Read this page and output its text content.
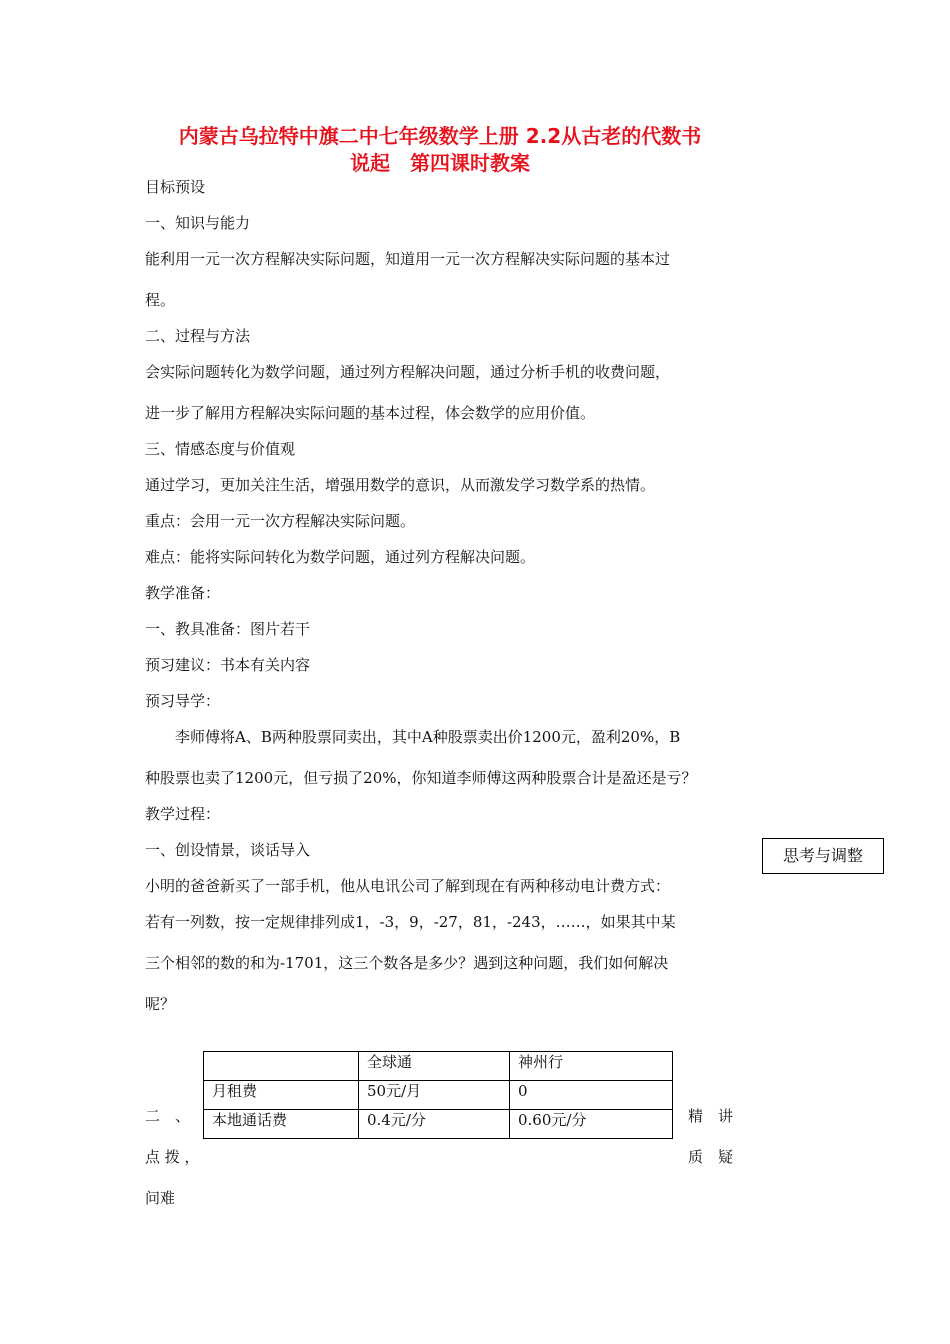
内蒙古乌拉特中旗二中七年级数学上册 2.2从古老的代数书
说起　第四课时教案
目标预设
一、知识与能力
能利用一元一次方程解决实际问题，知道用一元一次方程解决实际问题的基本过
程。
二、过程与方法
会实际问题转化为数学问题，通过列方程解决问题，通过分析手机的收费问题，
进一步了解用方程解决实际问题的基本过程，体会数学的应用价值。
三、情感态度与价值观
通过学习，更加关注生活，增强用数学的意识，从而激发学习数学系的热情。
重点：会用一元一次方程解决实际问题。
难点：能将实际问转化为数学问题，通过列方程解决问题。
教学准备：
一、教具准备：图片若干
预习建议：书本有关内容
预习导学：
　　李师傅将A、B两种股票同卖出，其中A种股票卖出价1200元，盈利20%，B
种股票也卖了1200元，但亏损了20%，你知道李师傅这两种股票合计是盈还是亏？
教学过程：
一、创设情景，谈话导入
小明的爸爸新买了一部手机，他从电讯公司了解到现在有两种移动电计费方式：
若有一列数，按一定规律排列成1，-3，9，-27，81，-243，……，如果其中某
三个相邻的数的和为-1701，这三个数各是多少？遇到这种问题，我们如何解决
呢？
思考与调整
	全球通	神州行
月租费	50元/月	0
本地通话费	0.4元/分	0.60元/分
二　、
点 拨 ，
问难
精　讲
质　疑
